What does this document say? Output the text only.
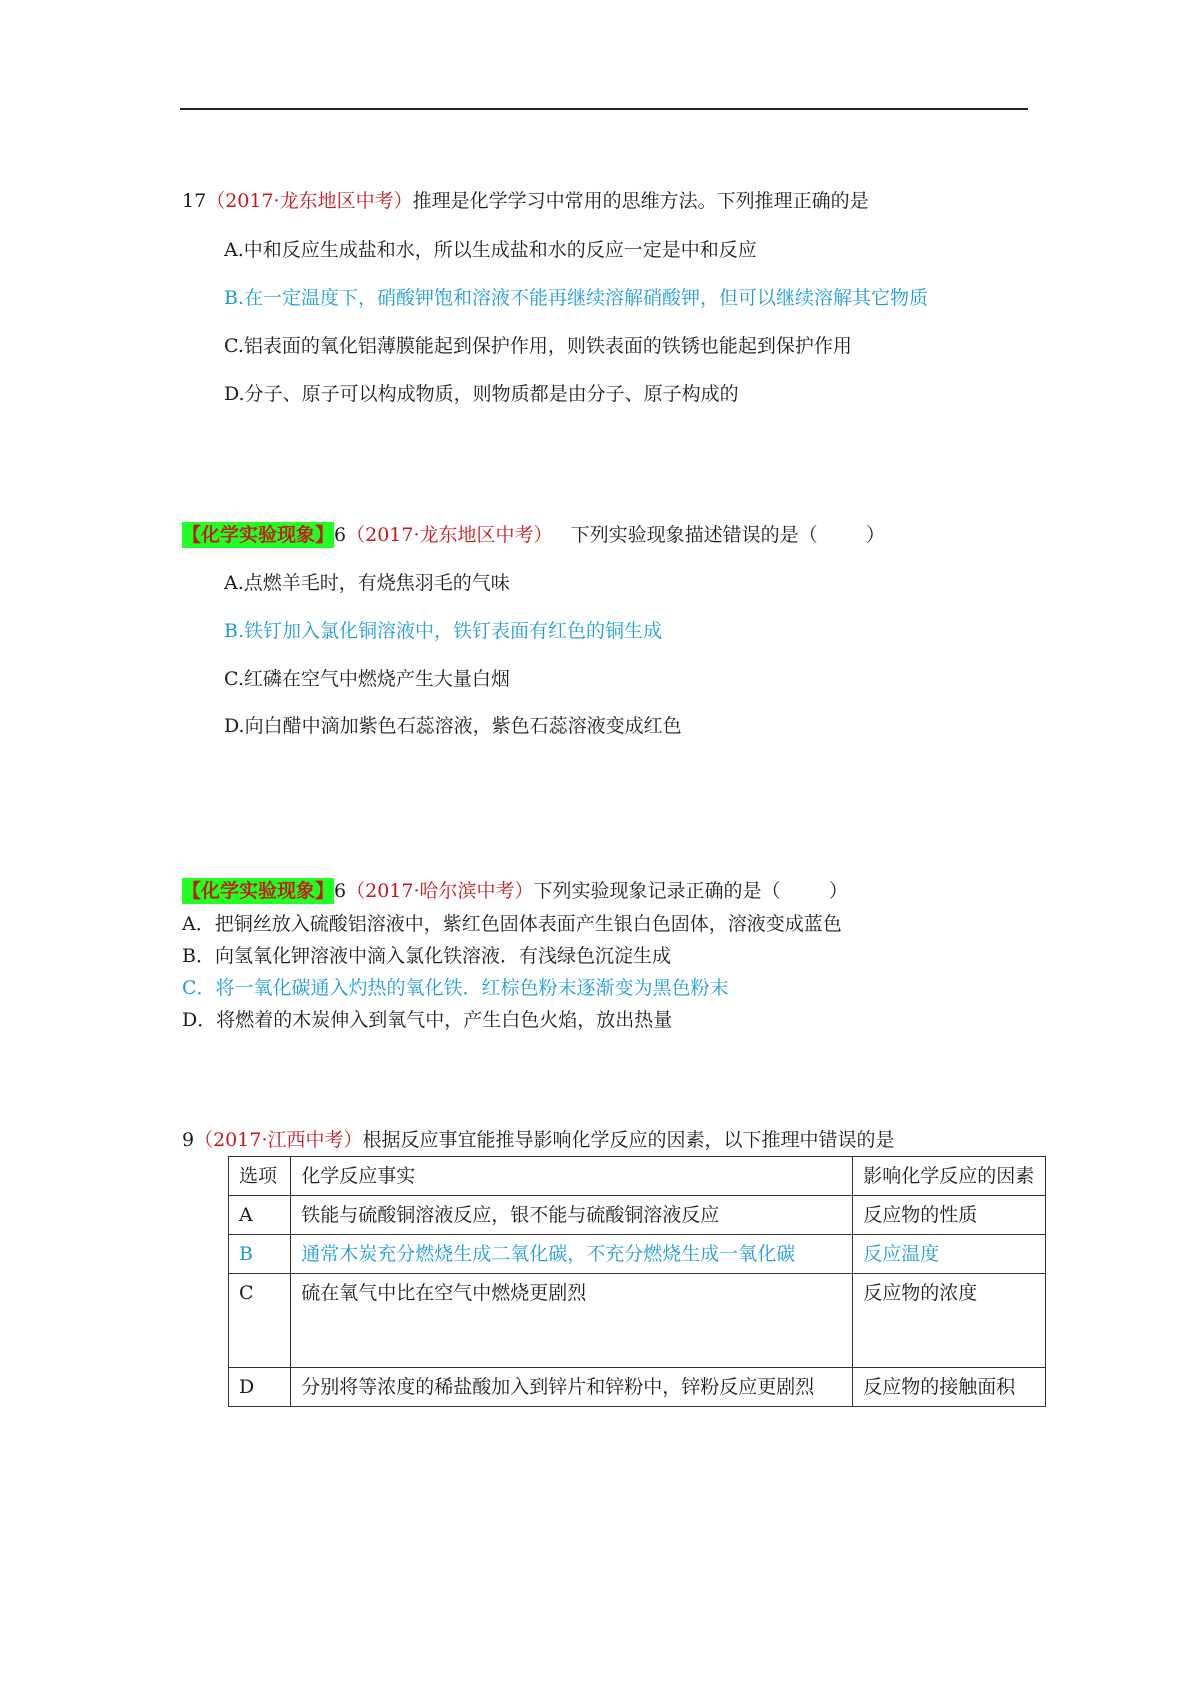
17（2017·龙东地区中考）推理是化学学习中常用的思维方法。下列推理正确的是
A.中和反应生成盐和水，所以生成盐和水的反应一定是中和反应
B.在一定温度下，硝酸钾饱和溶液不能再继续溶解硝酸钾，但可以继续溶解其它物质
C.铝表面的氧化铝薄膜能起到保护作用，则铁表面的铁锈也能起到保护作用
D.分子、原子可以构成物质，则物质都是由分子、原子构成的
【化学实验现象】6（2017·龙东地区中考）   下列实验现象描述错误的是（        ）
A.点燃羊毛时，有烧焦羽毛的气味
B.铁钉加入氯化铜溶液中，铁钉表面有红色的铜生成
C.红磷在空气中燃烧产生大量白烟
D.向白醋中滴加紫色石蕊溶液，紫色石蕊溶液变成红色
【化学实验现象】6（2017·哈尔滨中考）下列实验现象记录正确的是（        ）
A．把铜丝放入硫酸铝溶液中，紫红色固体表面产生银白色固体，溶液变成蓝色
B．向氢氧化钾溶液中滴入氯化铁溶液．有浅绿色沉淀生成
C．将一氧化碳通入灼热的氧化铁．红棕色粉末逐渐变为黑色粉末
D．将燃着的木炭伸入到氧气中，产生白色火焰，放出热量
9（2017·江西中考）根据反应事宜能推导影响化学反应的因素，以下推理中错误的是
选项	化学反应事实	影响化学反应的因素
A	铁能与硫酸铜溶液反应，银不能与硫酸铜溶液反应	反应物的性质
B	通常木炭充分燃烧生成二氧化碳，不充分燃烧生成一氧化碳	反应温度
C	硫在氧气中比在空气中燃烧更剧烈	反应物的浓度
D	分别将等浓度的稀盐酸加入到锌片和锌粉中，锌粉反应更剧烈	反应物的接触面积
